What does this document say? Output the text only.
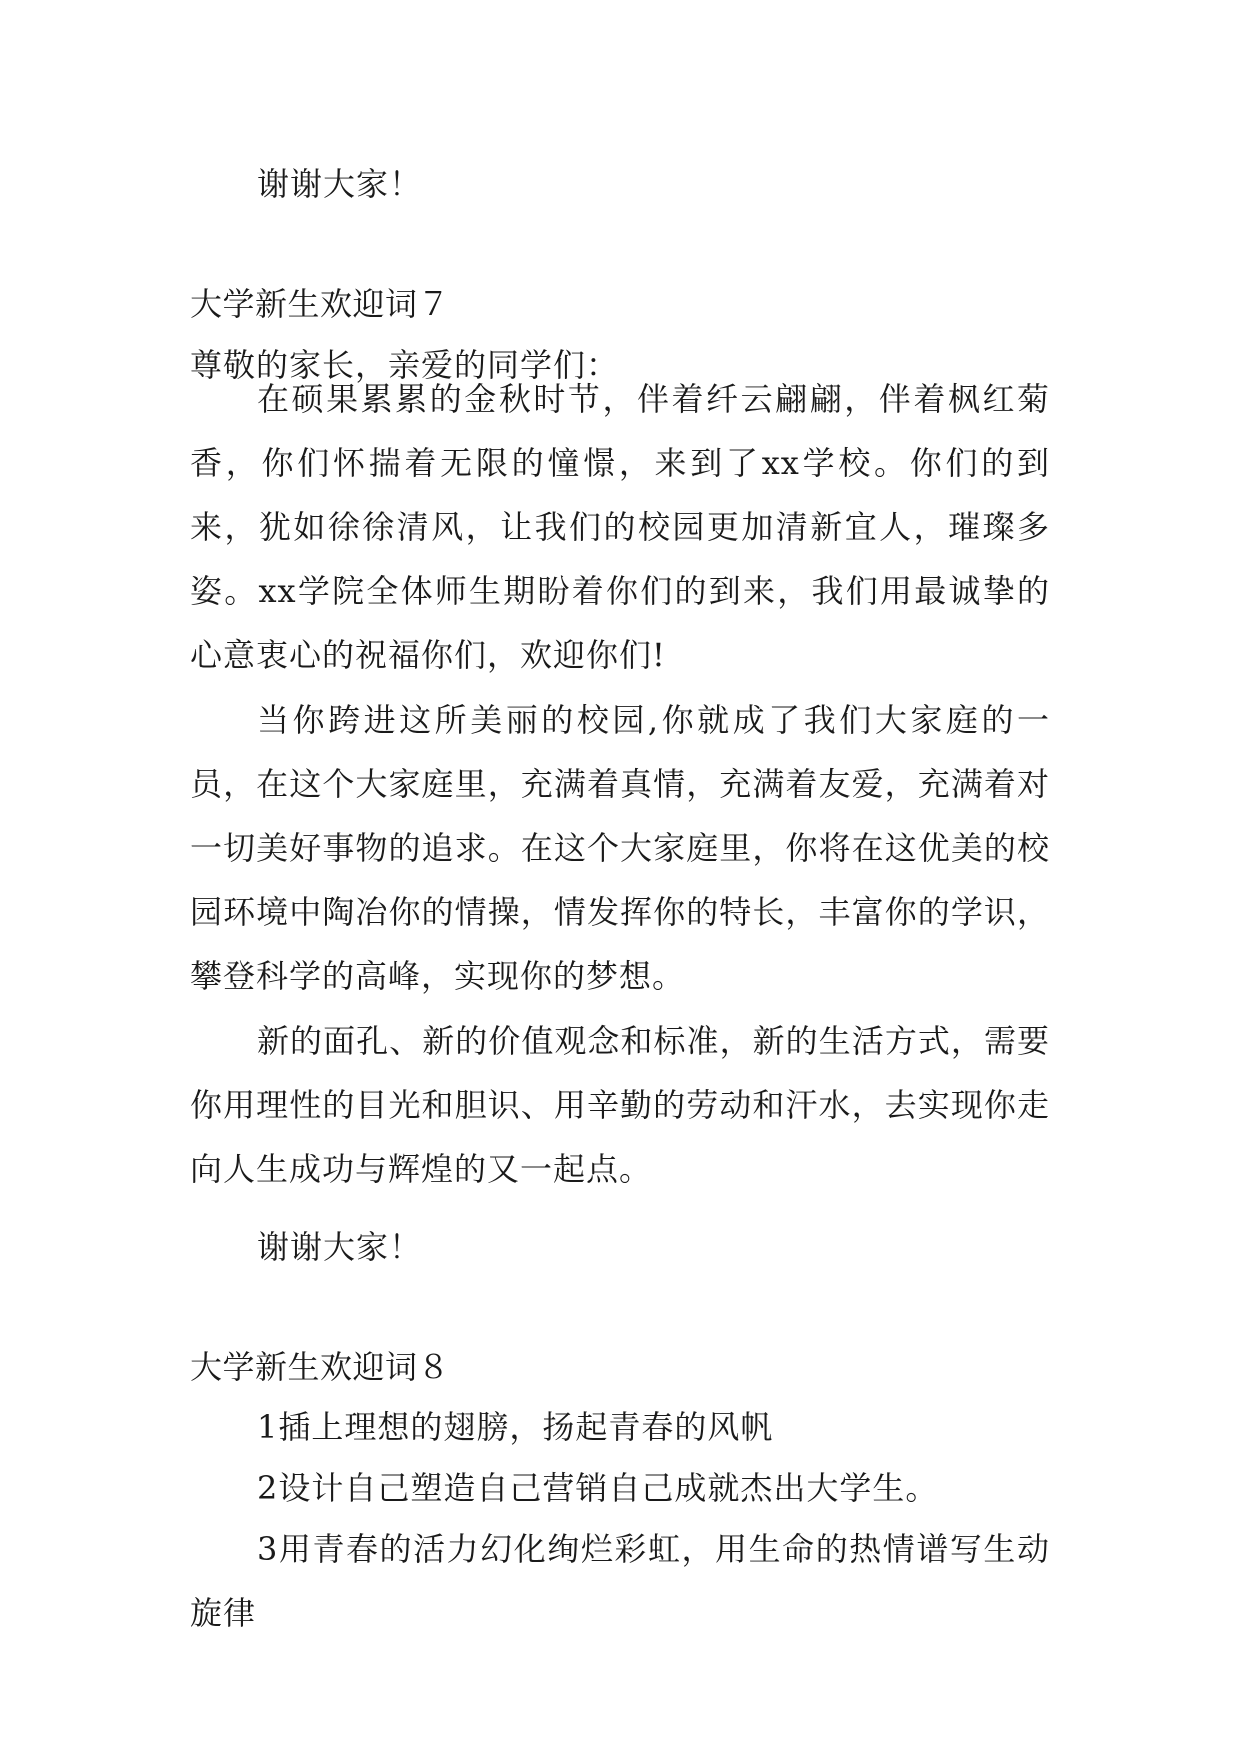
谢谢大家！
大学新生欢迎词７
尊敬的家长，亲爱的同学们：
在硕果累累的金秋时节，伴着纤云翩翩，伴着枫红菊香，你们怀揣着无限的憧憬，来到了xx学校。你们的到来，犹如徐徐清风，让我们的校园更加清新宜人，璀璨多姿。xx学院全体师生期盼着你们的到来，我们用最诚挚的心意衷心的祝福你们，欢迎你们!
当你跨进这所美丽的校园,你就成了我们大家庭的一员，在这个大家庭里，充满着真情，充满着友爱，充满着对一切美好事物的追求。在这个大家庭里，你将在这优美的校园环境中陶冶你的情操，情发挥你的特长，丰富你的学识，攀登科学的高峰，实现你的梦想。
新的面孔、新的价值观念和标准，新的生活方式，需要你用理性的目光和胆识、用辛勤的劳动和汗水，去实现你走向人生成功与辉煌的又一起点。
谢谢大家！
大学新生欢迎词８
1插上理想的翅膀，扬起青春的风帆
2设计自己塑造自己营销自己成就杰出大学生。
3用青春的活力幻化绚烂彩虹，用生命的热情谱写生动旋律
